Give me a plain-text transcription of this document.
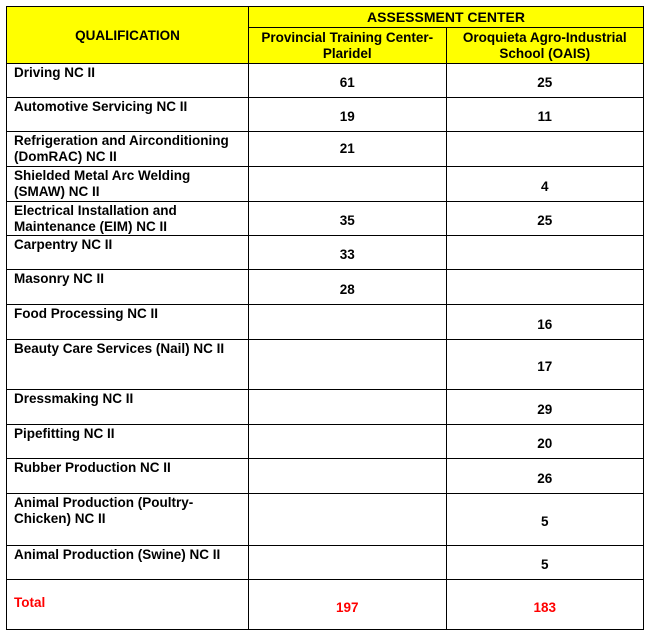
QUALIFICATION	ASSESSMENT CENTER	
	Provincial Training Center-Plaridel	Oroquieta Agro-Industrial School (OAIS)
Driving NC II	61	25
Automotive Servicing NC II	19	11
Refrigeration and Airconditioning (DomRAC) NC II	21	
Shielded Metal Arc Welding (SMAW) NC II		4
Electrical Installation and Maintenance (EIM) NC II	35	25
Carpentry NC II	33	
Masonry NC II	28	
Food Processing NC II		16
Beauty Care Services (Nail) NC II		17
Dressmaking NC II		29
Pipefitting NC II		20
Rubber Production NC II		26
Animal Production (Poultry-Chicken) NC II		5
Animal Production (Swine) NC II		5
Total	197	183
